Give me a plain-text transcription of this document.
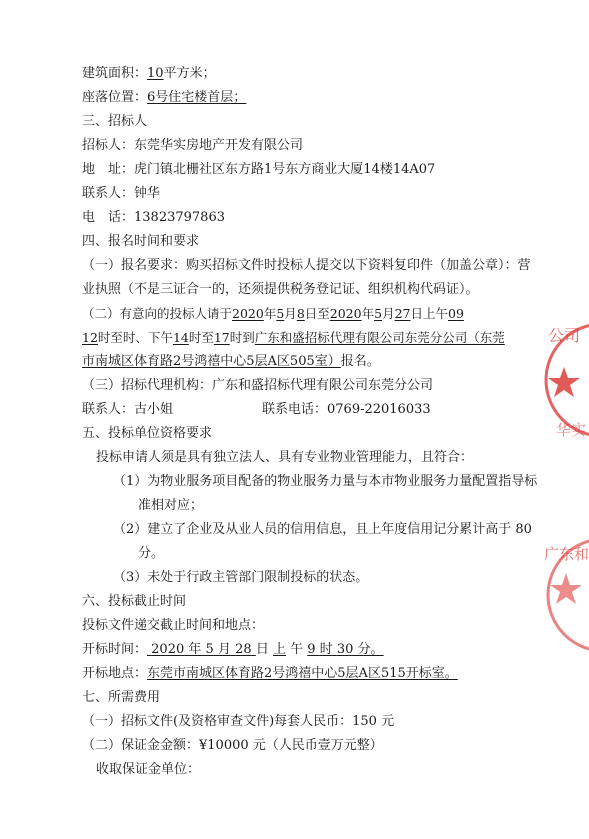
建筑面积：10平方米；
座落位置：6号住宅楼首层；
三、招标人
招标人：东莞华实房地产开发有限公司
地　址：虎门镇北栅社区东方路1号东方商业大厦14楼14A07
联系人：钟华
电　话：13823797863
四、报名时间和要求
（一）报名要求：购买招标文件时投标人提交以下资料复印件（加盖公章）：营
业执照（不是三证合一的，还须提供税务登记证、组织机构代码证）。
（二）有意向的投标人请于2020年5月8日至2020年5月27日上午09
12时至时、下午14时至17时到广东和盛招标代理有限公司东莞分公司（东莞
市南城区体育路2号鸿禧中心5层A区505室）报名。
（三）招标代理机构：广东和盛招标代理有限公司东莞分公司
联系人：古小姐	联系电话：0769-22016033
五、投标单位资格要求
投标申请人须是具有独立法人、具有专业物业管理能力，且符合：
（1）为物业服务项目配备的物业服务力量与本市物业服务力量配置指导标
准相对应；
（2）建立了企业及从业人员的信用信息，且上年度信用记分累计高于 80
分。
（3）未处于行政主管部门限制投标的状态。
六、投标截止时间
投标文件递交截止时间和地点：
开标时间： 2020 年 5 月 28 日 上 午 9 时 30 分。
开标地点：东莞市南城区体育路2号鸿禧中心5层A区515开标室。
七、所需费用
（一）招标文件(及资格审查文件)每套人民币：150 元
（二）保证金金额：¥10000 元（人民币壹万元整）
收取保证金单位：
公司
华实
广东和
